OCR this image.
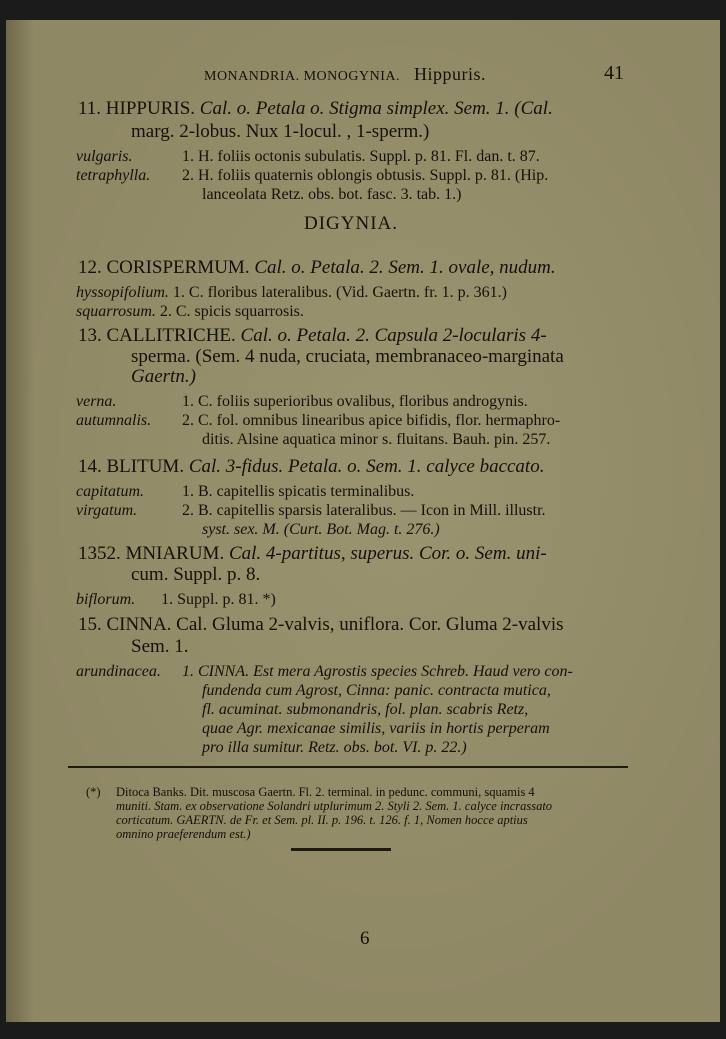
MONANDRIA. MONOGYNIA. Hippuris.	41
11. HIPPURIS. Cal. o. Petala o. Stigma simplex. Sem. 1. (Cal.
marg. 2-lobus. Nux 1-locul. , 1-sperm.)
vulgaris.	1. H. foliis octonis subulatis. Suppl. p. 81. Fl. dan. t. 87.
tetraphylla. 2. H. foliis quaternis oblongis obtusis. Suppl. p. 81. (Hip.
lanceolata Retz. obs. bot. fasc. 3. tab. 1.)
DIGYNIA.
12. CORISPERMUM. Cal. o. Petala. 2. Sem. 1. ovale, nudum.
hyssopifolium. 1. C. floribus lateralibus. (Vid. Gaertn. fr. 1. p. 361.)
squarrosum. 2. C. spicis squarrosis.
13. CALLITRICHE. Cal. o. Petala. 2. Capsula 2-locularis 4-
sperma. (Sem. 4 nuda, cruciata, membranaceo-marginata
Gaertn.)
verna.	1. C. foliis superioribus ovalibus, floribus androgynis.
autumnalis. 2. C. fol. omnibus linearibus apice bifidis, flor. hermaphro-
ditis. Alsine aquatica minor s. fluitans. Bauh. pin. 257.
14. BLITUM. Cal. 3-fidus. Petala. o. Sem. 1. calyce baccato.
capitatum. 1. B. capitellis spicatis terminalibus.
virgatum.	2. B. capitellis sparsis lateralibus. — Icon in Mill. illustr.
syst. sex. M. (Curt. Bot. Mag. t. 276.)
1352. MNIARUM. Cal. 4-partitus, superus. Cor. o. Sem. uni-
cum. Suppl. p. 8.
biflorum. 1. Suppl. p. 81. *)
15. CINNA. Cal. Gluma 2-valvis, uniflora. Cor. Gluma 2-valvis
Sem. 1.
arundinacea. 1. CINNA. Est mera Agrostis species Schreb. Haud vero con-
fundenda cum Agrost, Cinna: panic. contracta mutica,
fl. acuminat. submonandris, fol. plan. scabris Retz,
quae Agr. mexicanae similis, variis in hortis perperam
pro illa sumitur. Retz. obs. bot. VI. p. 22.)
(*) Ditoca Banks. Dit. muscosa Gaertn. Fl. 2. terminal. in pedunc. communi, squamis 4
muniti. Stam. ex observatione Solandri utplurimum 2. Styli 2. Sem. 1. calyce incrassato
corticatum. GAERTN. de Fr. et Sem. pl. II. p. 196. t. 126. f. 1, Nomen hocce aptius
omnino praeferendum est.)
6
